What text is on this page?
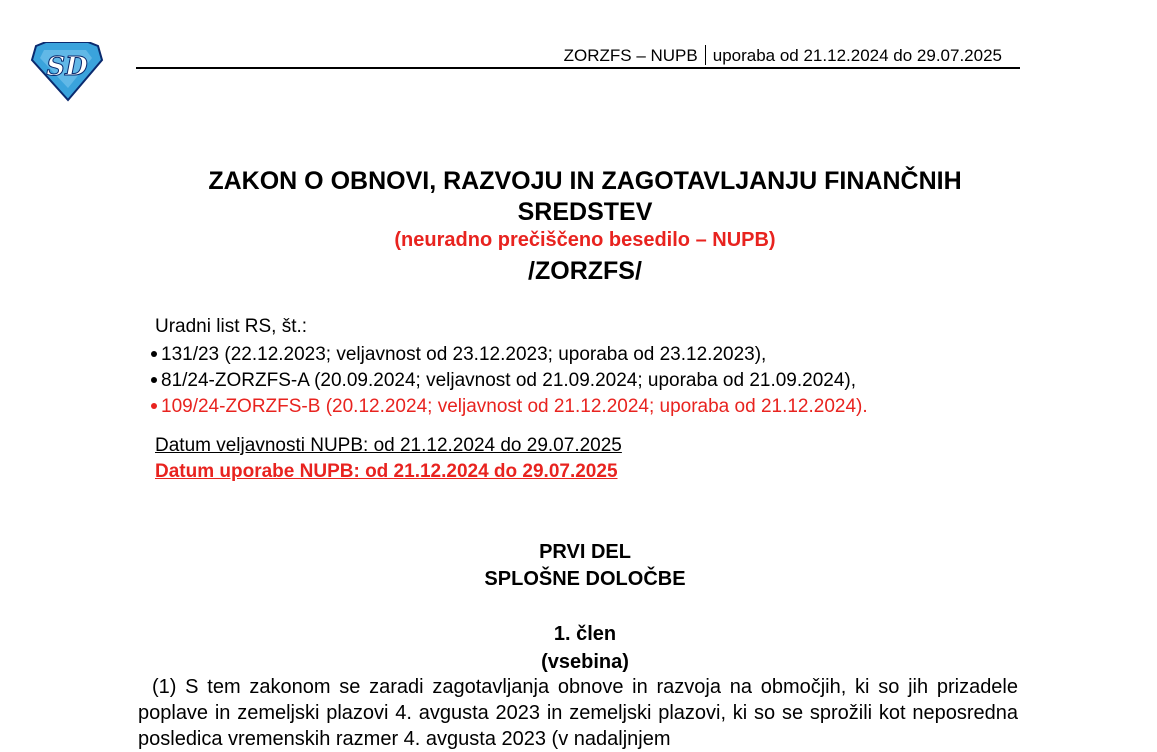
SD	ZORZFS – NUPB uporaba od 21.12.2024 do 29.07.2025
ZAKON O OBNOVI, RAZVOJU IN ZAGOTAVLJANJU FINANČNIH
SREDSTEV
(neuradno prečiščeno besedilo – NUPB)
/ZORZFS/
Uradni list RS, št.:
131/23 (22.12.2023; veljavnost od 23.12.2023; uporaba od 23.12.2023),
81/24-ZORZFS-A (20.09.2024; veljavnost od 21.09.2024; uporaba od 21.09.2024),
109/24-ZORZFS-B (20.12.2024; veljavnost od 21.12.2024; uporaba od 21.12.2024).
Datum veljavnosti NUPB: od 21.12.2024 do 29.07.2025
Datum uporabe NUPB: od 21.12.2024 do 29.07.2025
PRVI DEL
SPLOŠNE DOLOČBE
1. člen
(vsebina)

(1) S tem zakonom se zaradi zagotavljanja obnove in razvoja na območjih, ki so jih prizadele poplave in zemeljski plazovi 4. avgusta 2023 in zemeljski plazovi, ki so se sprožili kot neposredna posledica vremenskih razmer 4. avgusta 2023 (v nadaljnjem
